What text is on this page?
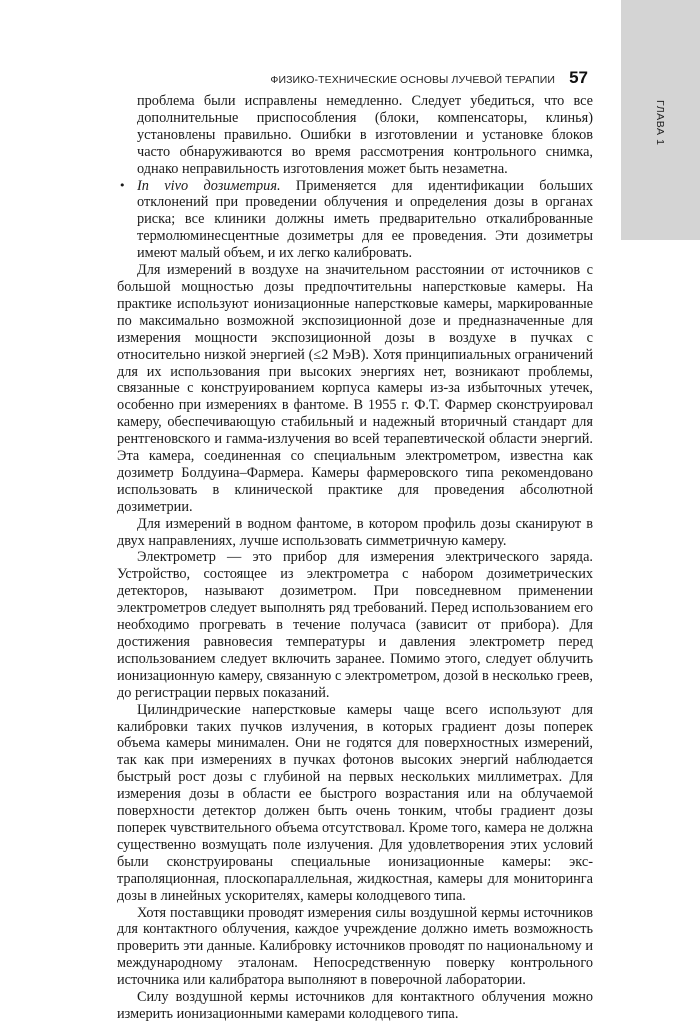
ГЛАВА 1
ФИЗИКО-ТЕХНИЧЕСКИЕ ОСНОВЫ ЛУЧЕВОЙ ТЕРАПИИ 57

проблема были исправлены немедленно. Следует убедиться, что все дополнительные приспособления (блоки, компенсаторы, клинья) установлены правильно. Ошибки в изготовлении и установке блоков часто обнаруживаются во время рассмотрения контрольного снимка, однако неправильность изготовления может быть незаметна.

• In vivo дозиметрия. Применяется для идентификации больших отклонений при проведении облучения и определения дозы в органах риска; все клиники должны иметь предварительно откалиброванные термолюминесцентные дозиметры для ее проведения. Эти дозиметры имеют малый объем, и их легко калибровать.

Для измерений в воздухе на значительном расстоянии от источников с большой мощностью дозы предпочтительны наперстковые камеры. На практике используют ионизационные наперстковые камеры, маркированные по максимально возможной экспозиционной дозе и предназначенные для измерения мощности экспозиционной дозы в воздухе в пучках с относительно низкой энергией (≤2 МэВ). Хотя принципиальных ограничений для их использования при высоких энергиях нет, возникают проблемы, связанные с конструированием корпуса камеры из-за избыточных утечек, особенно при измерениях в фантоме. В 1955 г. Ф.Т. Фармер сконструировал камеру, обеспечивающую стабильный и надежный вторичный стандарт для рентгеновского и гамма-излучения во всей терапевтической области энергий. Эта камера, соединенная со специальным электрометром, известна как дозиметр Болдуина–Фармера. Камеры фармеровского типа рекомендовано использовать в клинической практике для проведения абсолютной дозиметрии.

Для измерений в водном фантоме, в котором профиль дозы сканируют в двух направлениях, лучше использовать симметричную камеру.

Электрометр — это прибор для измерения электрического заряда. Устройство, состоящее из электрометра с набором дозиметрических детекторов, называют дозиметром. При повседневном применении электрометров следует выполнять ряд требований. Перед использованием его необходимо прогревать в течение получаса (зависит от прибора). Для достижения равновесия температуры и давления электрометр перед использованием следует включить заранее. Помимо этого, следует облучить ионизационную камеру, связанную с электрометром, дозой в несколько греев, до регистрации первых показаний.

Цилиндрические наперстковые камеры чаще всего используют для калибровки таких пучков излучения, в которых градиент дозы поперек объема камеры минимален. Они не годятся для поверхностных измерений, так как при измерениях в пучках фотонов высоких энергий наблюдается быстрый рост дозы с глубиной на первых нескольких миллиметрах. Для измерения дозы в области ее быстрого возрастания или на облучаемой поверхности детектор должен быть очень тонким, чтобы градиент дозы поперек чувствительного объема отсутствовал. Кроме того, камера не должна существенно возмущать поле излучения. Для удовлетворения этих условий были сконструированы специальные ионизационные камеры: экстраполяционная, плоскопараллельная, жидкостная, камеры для мониторинга дозы в линейных ускорителях, камеры колодцевого типа.

Хотя поставщики проводят измерения силы воздушной кермы источников для контактного облучения, каждое учреждение должно иметь возможность проверить эти данные. Калибровку источников проводят по национальному и международному эталонам. Непосредственную поверку контрольного источника или калибратора выполняют в поверочной лаборатории.

Силу воздушной кермы источников для контактного облучения можно измерить ионизационными камерами колодцевого типа.
